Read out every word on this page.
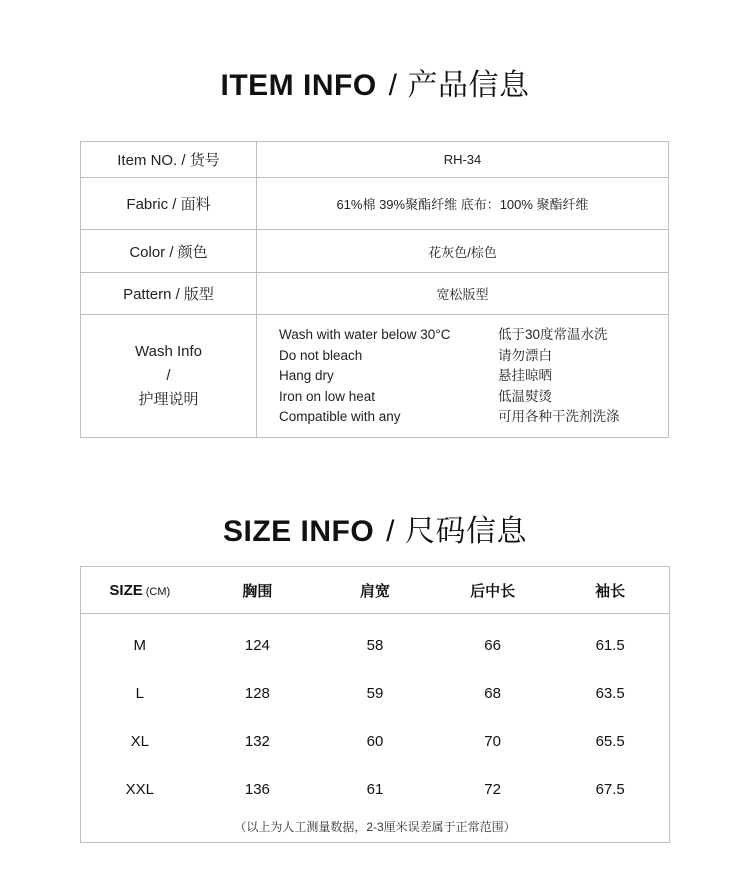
ITEM INFO / 产品信息
Item NO. / 货号	RH-34
Fabric / 面料	61%棉 39%聚酯纤维 底布：100% 聚酯纤维
Color / 颜色	花灰色/棕色
Pattern / 版型	宽松版型
Wash Info
/
护理说明
Wash with water below 30°C	低于30度常温水洗
Do not bleach	请勿漂白
Hang dry	悬挂晾晒
Iron on low heat	低温熨烫
Compatible with any	可用各种干洗剂洗涤
SIZE INFO / 尺码信息
SIZE (CM)	胸围	肩宽	后中长	袖长
M	124	58	66	61.5
L	128	59	68	63.5
XL	132	60	70	65.5
XXL	136	61	72	67.5
（以上为人工测量数据，2-3厘米误差属于正常范围）
